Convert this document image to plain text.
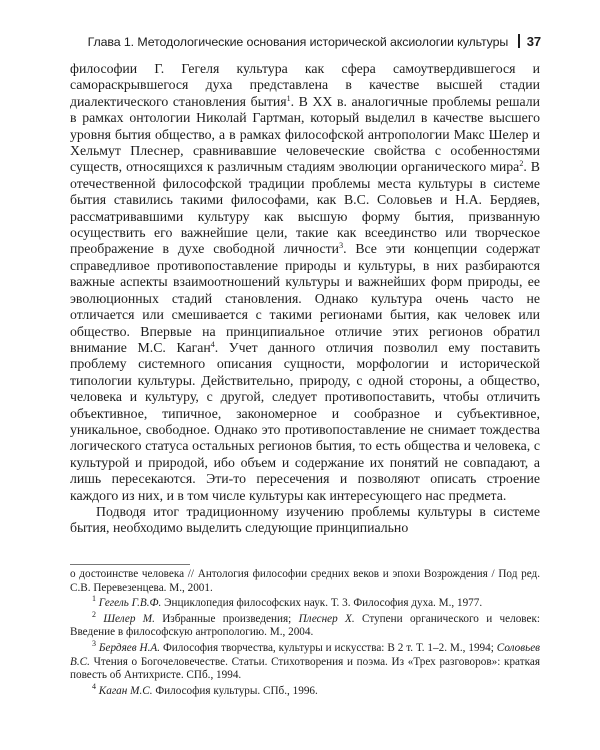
Глава 1. Методологические основания исторической аксиологии культуры 37

философии Г. Гегеля культура как сфера самоутвердившегося и самораскрывшегося духа представлена в качестве высшей стадии диалектического становления бытия$^1$. В XX в. аналогичные проблемы решали в рамках онтологии Николай Гартман, который выделил в качестве высшего уровня бытия общество, а в рамках философской антропологии Макс Шелер и Хельмут Плеснер, сравнивавшие человеческие свойства с особенностями существ, относящихся к различным стадиям эволюции органического мира$^2$. В отечественной философской традиции проблемы места культуры в системе бытия ставились такими философами, как В.С. Соловьев и Н.А. Бердяев, рассматривавшими культуру как высшую форму бытия, призванную осуществить его важнейшие цели, такие как всеединство или творческое преображение в духе свободной личности$^3$. Все эти концепции содержат справедливое противопоставление природы и культуры, в них разбираются важные аспекты взаимоотношений культуры и важнейших форм природы, ее эволюционных стадий становления. Однако культура очень часто не отличается или смешивается с такими регионами бытия, как человек или общество. Впервые на принципиальное отличие этих регионов обратил внимание М.С. Каган$^4$. Учет данного отличия позволил ему поставить проблему системного описания сущности, морфологии и исторической типологии культуры. Действительно, природу, с одной стороны, а общество, человека и культуру, с другой, следует противопоставить, чтобы отличить объективное, типичное, закономерное и сообразное и субъективное, уникальное, свободное. Однако это противопоставление не снимает тождества логического статуса остальных регионов бытия, то есть общества и человека, с культурой и природой, ибо объем и содержание их понятий не совпадают, а лишь пересекаются. Эти-то пересечения и позволяют описать строение каждого из них, и в том числе культуры как интересующего нас предмета.

Подводя итог традиционному изучению проблемы культуры в системе бытия, необходимо выделить следующие принципиально

о достоинстве человека // Антология философии средних веков и эпохи Возрождения / Под ред. С.В. Перевезенцева. М., 2001.

$^1$ Гегель Г.В.Ф. Энциклопедия философских наук. Т. 3. Философия духа. М., 1977.

$^2$ Шелер М. Избранные произведения; Плеснер Х. Ступени органического и человек: Введение в философскую антропологию. М., 2004.

$^3$ Бердяев Н.А. Философия творчества, культуры и искусства: В 2 т. Т. 1–2. М., 1994; Соловьев В.С. Чтения о Богочеловечестве. Статьи. Стихотворения и поэма. Из «Трех разговоров»: краткая повесть об Антихристе. СПб., 1994.

$^4$ Каган М.С. Философия культуры. СПб., 1996.
